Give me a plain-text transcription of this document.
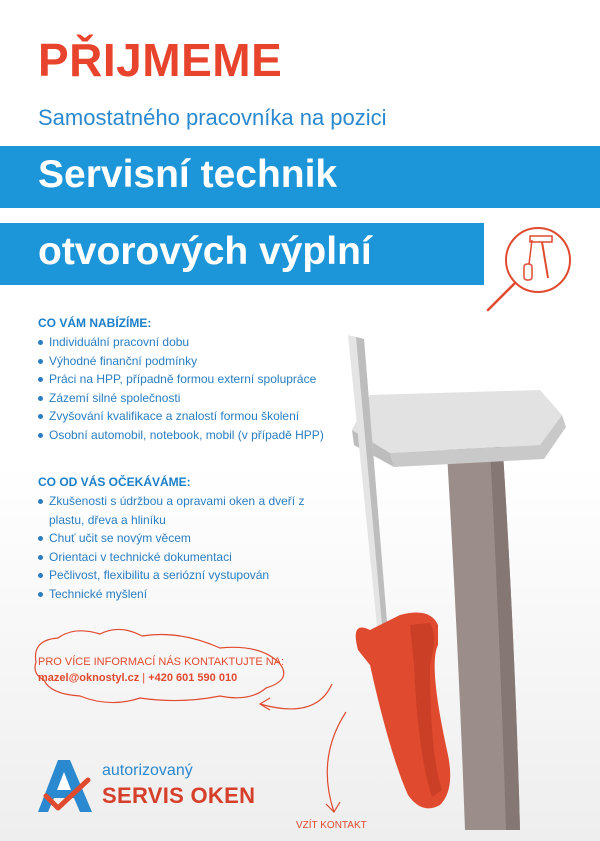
PŘIJMEME
Samostatného pracovníka na pozici
Servisní technik
otvorových výplní
CO VÁM NABÍZÍME:
Individuální pracovní dobu
Výhodné finanční podmínky
Práci na HPP, případně formou externí spolupráce
Zázemí silné společnosti
Zvyšování kvalifikace a znalostí formou školení
Osobní automobil, notebook, mobil (v případě HPP)
CO OD VÁS OČEKÁVÁME:
Zkušenosti s údržbou a opravami oken a dveří z plastu, dřeva a hliníku
Chuť učit se novým věcem
Orientaci v technické dokumentaci
Pečlivost, flexibilitu a seriózní vystupován
Technické myšlení
PRO VÍCE INFORMACÍ NÁS KONTAKTUJTE NA:
mazel@oknostyl.cz | +420 601 590 010
autorizovaný
SERVIS OKEN
VZÍT KONTAKT
